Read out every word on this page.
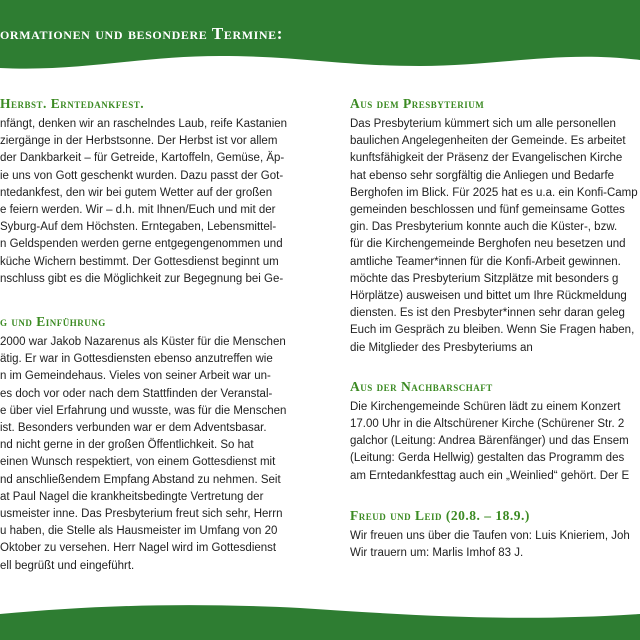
ormationen und besondere Termine:
Herbst. Erntedankfest.
nfängt, denken wir an raschelndes Laub, reife Kastanien
ziergänge in der Herbstsonne. Der Herbst ist vor allem
der Dankbarkeit – für Getreide, Kartoffeln, Gemüse, Äp-
ie uns von Gott geschenkt wurden. Dazu passt der Got-
ntedankfest, den wir bei gutem Wetter auf der großen
e feiern werden. Wir – d.h. mit Ihnen/Euch und mit der
Syburg-Auf dem Höchsten. Erntegaben, Lebensmittel-
n Geldspenden werden gerne entgegengenommen und
küche Wichern bestimmt. Der Gottesdienst beginnt um
nschluss gibt es die Möglichkeit zur Begegnung bei Ge-
g und Einführung
2000 war Jakob Nazarenus als Küster für die Menschen
ätig. Er war in Gottesdiensten ebenso anzutreffen wie
n im Gemeindehaus. Vieles von seiner Arbeit war un-
es doch vor oder nach dem Stattfinden der Veranstal-
e über viel Erfahrung und wusste, was für die Menschen
ist. Besonders verbunden war er dem Adventsbasar.
nd nicht gerne in der großen Öffentlichkeit. So hat
einen Wunsch respektiert, von einem Gottesdienst mit
nd anschließendem Empfang Abstand zu nehmen. Seit
at Paul Nagel die krankheitsbedingte Vertretung der
usmeister inne. Das Presbyterium freut sich sehr, Herrn
u haben, die Stelle als Hausmeister im Umfang von 20
Oktober zu versehen. Herr Nagel wird im Gottesdienst
ell begrüßt und eingeführt.
Aus dem Presbyterium
Das Presbyterium kümmert sich um alle personellen
baulichen Angelegenheiten der Gemeinde. Es arbeitet
kunftsfähigkeit der Präsenz der Evangelischen Kirche
hat ebenso sehr sorgfältig die Anliegen und Bedarfe
Berghofen im Blick. Für 2025 hat es u.a. ein Konfi-Camp
gemeinden beschlossen und fünf gemeinsame Gottes
gin. Das Presbyterium konnte auch die Küster-, bzw.
für die Kirchengemeinde Berghofen neu besetzen und
amtliche Teamer*innen für die Konfi-Arbeit gewinnen.
möchte das Presbyterium Sitzplätze mit besonders g
Hörplätze) ausweisen und bittet um Ihre Rückmeldung
diensten. Es ist den Presbyter*innen sehr daran geleg
Euch im Gespräch zu bleiben. Wenn Sie Fragen haben,
die Mitglieder des Presbyteriums an
Aus der Nachbarschaft
Die Kirchengemeinde Schüren lädt zu einem Konzert
17.00 Uhr in die Altschürener Kirche (Schürener Str. 2
galchor (Leitung: Andrea Bärenfänger) und das Ensem
(Leitung: Gerda Hellwig) gestalten das Programm des
am Erntedankfesttag auch ein „Weinlied“ gehört. Der E
Freud und Leid (20.8. – 18.9.)
Wir freuen uns über die Taufen von: Luis Knieriem, Joh
Wir trauern um: Marlis Imhof 83 J.
